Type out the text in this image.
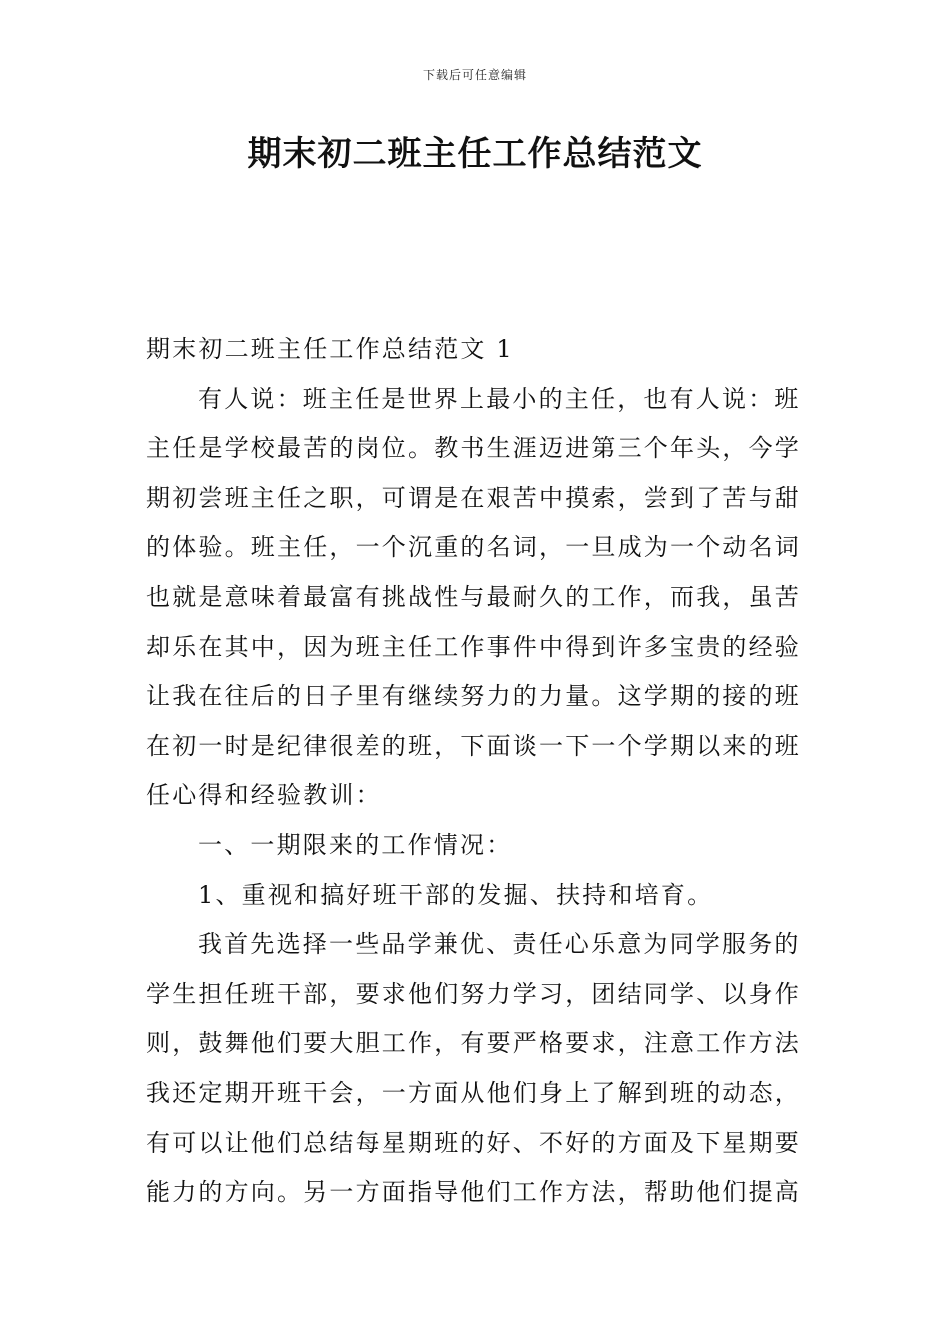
下载后可任意编辑
期末初二班主任工作总结范文

期末初二班主任工作总结范文 1

有人说：班主任是世界上最小的主任，也有人说：班主任是学校最苦的岗位。教书生涯迈进第三个年头，今学期初尝班主任之职，可谓是在艰苦中摸索，尝到了苦与甜的体验。班主任，一个沉重的名词，一旦成为一个动名词也就是意味着最富有挑战性与最耐久的工作，而我，虽苦却乐在其中，因为班主任工作事件中得到许多宝贵的经验让我在往后的日子里有继续努力的力量。这学期的接的班在初一时是纪律很差的班，下面谈一下一个学期以来的班任心得和经验教训：

一、一期限来的工作情况：

1、重视和搞好班干部的发掘、扶持和培育。

我首先选择一些品学兼优、责任心乐意为同学服务的学生担任班干部，要求他们努力学习，团结同学、以身作则，鼓舞他们要大胆工作，有要严格要求，注意工作方法我还定期开班干会，一方面从他们身上了解到班的动态，有可以让他们总结每星期班的好、不好的方面及下星期要能力的方向。另一方面指导他们工作方法，帮助他们提高
